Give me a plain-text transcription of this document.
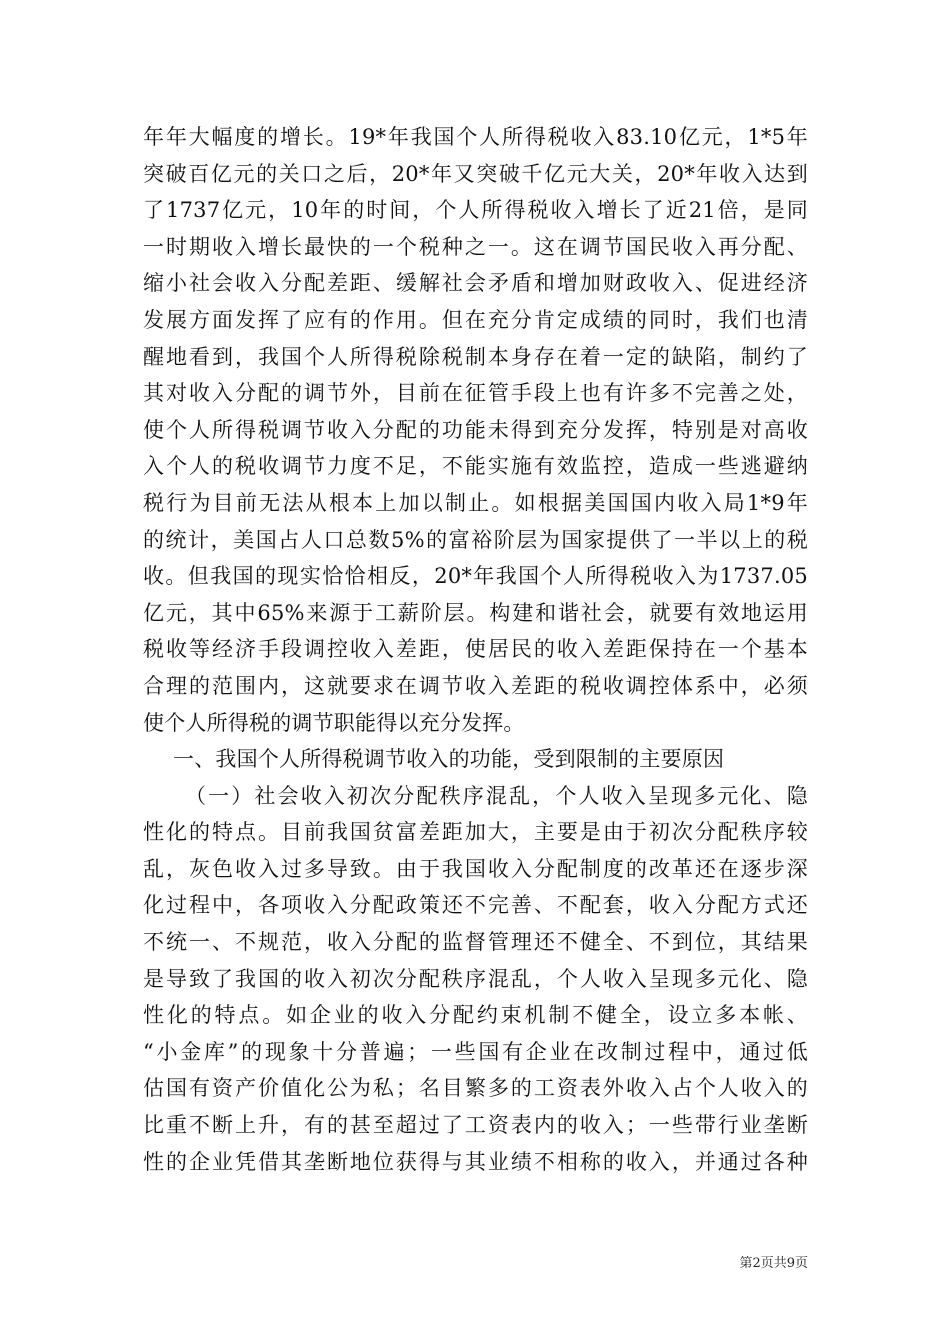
年年大幅度的增长。19*年我国个人所得税收入83.10亿元，1*5年
突破百亿元的关口之后，20*年又突破千亿元大关，20*年收入达到
了1737亿元，10年的时间，个人所得税收入增长了近21倍，是同
一时期收入增长最快的一个税种之一。这在调节国民收入再分配、
缩小社会收入分配差距、缓解社会矛盾和增加财政收入、促进经济
发展方面发挥了应有的作用。但在充分肯定成绩的同时，我们也清
醒地看到，我国个人所得税除税制本身存在着一定的缺陷，制约了
其对收入分配的调节外，目前在征管手段上也有许多不完善之处，
使个人所得税调节收入分配的功能未得到充分发挥，特别是对高收
入个人的税收调节力度不足，不能实施有效监控，造成一些逃避纳
税行为目前无法从根本上加以制止。如根据美国国内收入局1*9年
的统计，美国占人口总数5%的富裕阶层为国家提供了一半以上的税
收。但我国的现实恰恰相反，20*年我国个人所得税收入为1737.05
亿元，其中65%来源于工薪阶层。构建和谐社会，就要有效地运用
税收等经济手段调控收入差距，使居民的收入差距保持在一个基本
合理的范围内，这就要求在调节收入差距的税收调控体系中，必须
使个人所得税的调节职能得以充分发挥。
一、我国个人所得税调节收入的功能，受到限制的主要原因
（一）社会收入初次分配秩序混乱，个人收入呈现多元化、隐
性化的特点。目前我国贫富差距加大，主要是由于初次分配秩序较
乱，灰色收入过多导致。由于我国收入分配制度的改革还在逐步深
化过程中，各项收入分配政策还不完善、不配套，收入分配方式还
不统一、不规范，收入分配的监督管理还不健全、不到位，其结果
是导致了我国的收入初次分配秩序混乱，个人收入呈现多元化、隐
性化的特点。如企业的收入分配约束机制不健全，设立多本帐、
“小金库”的现象十分普遍；一些国有企业在改制过程中，通过低
估国有资产价值化公为私；名目繁多的工资表外收入占个人收入的
比重不断上升，有的甚至超过了工资表内的收入；一些带行业垄断
性的企业凭借其垄断地位获得与其业绩不相称的收入，并通过各种
第2页共9页
